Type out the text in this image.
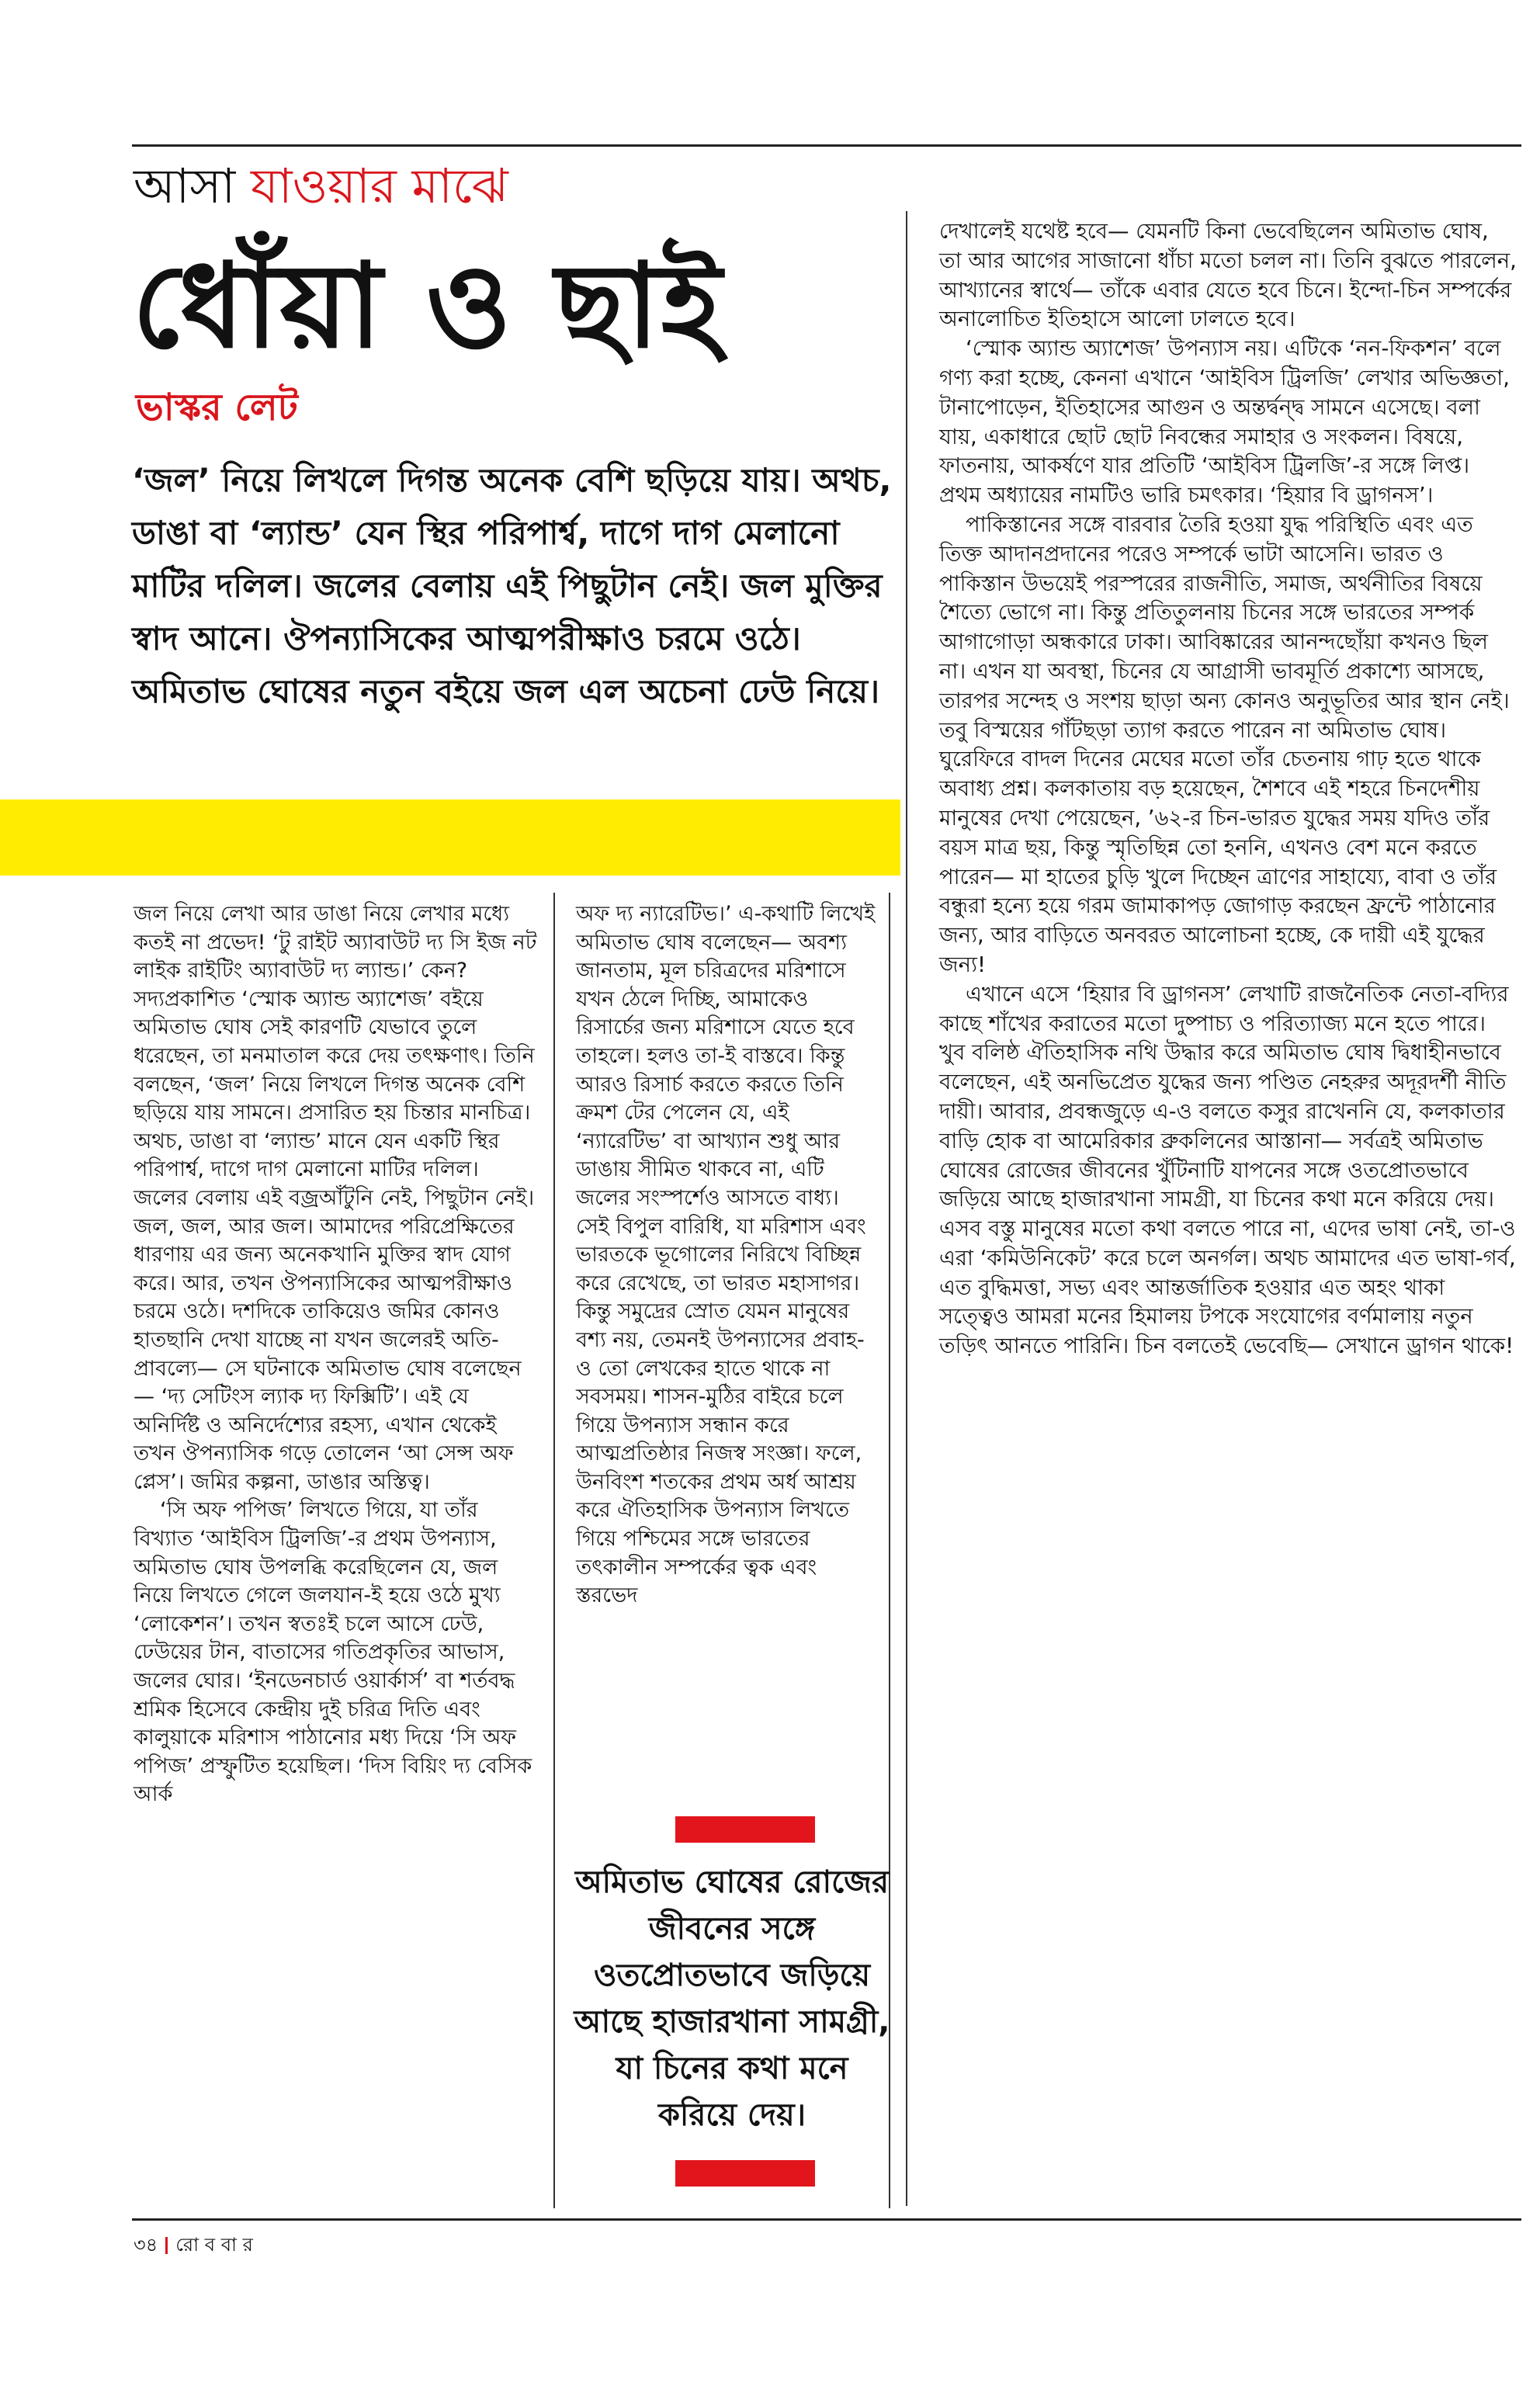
আসা যাওয়ার মাঝে
ধোঁয়া ও ছাই
ভাস্কর লেট

‘জল’ নিয়ে লিখলে দিগন্ত অনেক বেশি ছড়িয়ে যায়। অথচ, ডাঙা বা ‘ল্যান্ড’ যেন স্থির পরিপার্শ্ব, দাগে দাগ মেলানো মাটির দলিল। জলের বেলায় এই পিছুটান নেই। জল মুক্তির স্বাদ আনে। ঔপন্যাসিকের আত্মপরীক্ষাও চরমে ওঠে। অমিতাভ ঘোষের নতুন বইয়ে জল এল অচেনা ঢেউ নিয়ে।

জল নিয়ে লেখা আর ডাঙা নিয়ে লেখার মধ্যে কতই না প্রভেদ! ‘টু রাইট অ্যাবাউট দ্য সি ইজ নট লাইক রাইটিং অ্যাবাউট দ্য ল্যান্ড।’ কেন? সদ্যপ্রকাশিত ‘স্মোক অ্যান্ড অ্যাশেজ’ বইয়ে অমিতাভ ঘোষ সেই কারণটি যেভাবে তুলে ধরেছেন, তা মনমাতাল করে দেয় তৎক্ষণাৎ। তিনি বলছেন, ‘জল’ নিয়ে লিখলে দিগন্ত অনেক বেশি ছড়িয়ে যায় সামনে। প্রসারিত হয় চিন্তার মানচিত্র। অথচ, ডাঙা বা ‘ল্যান্ড’ মানে যেন একটি স্থির পরিপার্শ্ব, দাগে দাগ মেলানো মাটির দলিল। জলের বেলায় এই বজ্রআঁটুনি নেই, পিছুটান নেই। জল, জল, আর জল। আমাদের পরিপ্রেক্ষিতের ধারণায় এর জন্য অনেকখানি মুক্তির স্বাদ যোগ করে। আর, তখন ঔপন্যাসিকের আত্মপরীক্ষাও চরমে ওঠে। দশদিকে তাকিয়েও জমির কোনও হাতছানি দেখা যাচ্ছে না যখন জলেরই অতি-প্রাবল্যে— সে ঘটনাকে অমিতাভ ঘোষ বলেছেন— ‘দ্য সেটিংস ল্যাক দ্য ফিক্সিটি’। এই যে অনির্দিষ্ট ও অনির্দেশ্যের রহস্য, এখান থেকেই তখন ঔপন্যাসিক গড়ে তোলেন ‘আ সেন্স অফ প্লেস’। জমির কল্পনা, ডাঙার অস্তিত্ব।

‘সি অফ পপিজ’ লিখতে গিয়ে, যা তাঁর বিখ্যাত ‘আইবিস ট্রিলজি’-র প্রথম উপন্যাস, অমিতাভ ঘোষ উপলব্ধি করেছিলেন যে, জল নিয়ে লিখতে গেলে জলযান-ই হয়ে ওঠে মুখ্য ‘লোকেশন’। তখন স্বতঃই চলে আসে ঢেউ, ঢেউয়ের টান, বাতাসের গতিপ্রকৃতির আভাস, জলের ঘোর। ‘ইনডেনচার্ড ওয়ার্কার্স’ বা শর্তবদ্ধ শ্রমিক হিসেবে কেন্দ্রীয় দুই চরিত্র দিতি এবং কালুয়াকে মরিশাস পাঠানোর মধ্য দিয়ে ‘সি অফ পপিজ’ প্রস্ফুটিত হয়েছিল। ‘দিস বিয়িং দ্য বেসিক আর্ক

অফ দ্য ন্যারেটিভ।’ এ-কথাটি লিখেই অমিতাভ ঘোষ বলেছেন— অবশ্য জানতাম, মূল চরিত্রদের মরিশাসে যখন ঠেলে দিচ্ছি, আমাকেও রিসার্চের জন্য মরিশাসে যেতে হবে তাহলে। হলও তা-ই বাস্তবে। কিন্তু আরও রিসার্চ করতে করতে তিনি ক্রমশ টের পেলেন যে, এই ‘ন্যারেটিভ’ বা আখ্যান শুধু আর ডাঙায় সীমিত থাকবে না, এটি জলের সংস্পর্শেও আসতে বাধ্য। সেই বিপুল বারিধি, যা মরিশাস এবং ভারতকে ভূগোলের নিরিখে বিচ্ছিন্ন করে রেখেছে, তা ভারত মহাসাগর। কিন্তু সমুদ্রের স্রোত যেমন মানুষের বশ্য নয়, তেমনই উপন্যাসের প্রবাহ-ও তো লেখকের হাতে থাকে না সবসময়। শাসন-মুঠির বাইরে চলে গিয়ে উপন্যাস সন্ধান করে আত্মপ্রতিষ্ঠার নিজস্ব সংজ্ঞা। ফলে, উনবিংশ শতকের প্রথম অর্ধ আশ্রয় করে ঐতিহাসিক উপন্যাস লিখতে গিয়ে পশ্চিমের সঙ্গে ভারতের তৎকালীন সম্পর্কের ত্বক এবং স্তরভেদ

দেখালেই যথেষ্ট হবে— যেমনটি কিনা ভেবেছিলেন অমিতাভ ঘোষ, তা আর আগের সাজানো ধাঁচা মতো চলল না। তিনি বুঝতে পারলেন, আখ্যানের স্বার্থে— তাঁকে এবার যেতে হবে চিনে। ইন্দো-চিন সম্পর্কের অনালোচিত ইতিহাসে আলো ঢালতে হবে।

‘স্মোক অ্যান্ড অ্যাশেজ’ উপন্যাস নয়। এটিকে ‘নন-ফিকশন’ বলে গণ্য করা হচ্ছে, কেননা এখানে ‘আইবিস ট্রিলজি’ লেখার অভিজ্ঞতা, টানাপোড়েন, ইতিহাসের আগুন ও অন্তর্দ্বন্দ্ব সামনে এসেছে। বলা যায়, একাধারে ছোট ছোট নিবন্ধের সমাহার ও সংকলন। বিষয়ে, ফাতনায়, আকর্ষণে যার প্রতিটি ‘আইবিস ট্রিলজি’-র সঙ্গে লিপ্ত। প্রথম অধ্যায়ের নামটিও ভারি চমৎকার। ‘হিয়ার বি ড্রাগনস’।

পাকিস্তানের সঙ্গে বারবার তৈরি হওয়া যুদ্ধ পরিস্থিতি এবং এত তিক্ত আদানপ্রদানের পরেও সম্পর্কে ভাটা আসেনি। ভারত ও পাকিস্তান উভয়েই পরস্পরের রাজনীতি, সমাজ, অর্থনীতির বিষয়ে শৈত্যে ভোগে না। কিন্তু প্রতিতুলনায় চিনের সঙ্গে ভারতের সম্পর্ক আগাগোড়া অন্ধকারে ঢাকা। আবিষ্কারের আনন্দছোঁয়া কখনও ছিল না। এখন যা অবস্থা, চিনের যে আগ্রাসী ভাবমূর্তি প্রকাশ্যে আসছে, তারপর সন্দেহ ও সংশয় ছাড়া অন্য কোনও অনুভূতির আর স্থান নেই। তবু বিস্ময়ের গাঁটছড়া ত্যাগ করতে পারেন না অমিতাভ ঘোষ। ঘুরেফিরে বাদল দিনের মেঘের মতো তাঁর চেতনায় গাঢ় হতে থাকে অবাধ্য প্রশ্ন। কলকাতায় বড় হয়েছেন, শৈশবে এই শহরে চিনদেশীয় মানুষের দেখা পেয়েছেন, ’৬২-র চিন-ভারত যুদ্ধের সময় যদিও তাঁর বয়স মাত্র ছয়, কিন্তু স্মৃতিছিন্ন তো হননি, এখনও বেশ মনে করতে পারেন— মা হাতের চুড়ি খুলে দিচ্ছেন ত্রাণের সাহায্যে, বাবা ও তাঁর বন্ধুরা হন্যে হয়ে গরম জামাকাপড় জোগাড় করছেন ফ্রন্টে পাঠানোর জন্য, আর বাড়িতে অনবরত আলোচনা হচ্ছে, কে দায়ী এই যুদ্ধের জন্য!

এখানে এসে ‘হিয়ার বি ড্রাগনস’ লেখাটি রাজনৈতিক নেতা-বদ্যির কাছে শাঁখের করাতের মতো দুষ্পাচ্য ও পরিত্যাজ্য মনে হতে পারে। খুব বলিষ্ঠ ঐতিহাসিক নথি উদ্ধার করে অমিতাভ ঘোষ দ্বিধাহীনভাবে বলেছেন, এই অনভিপ্রেত যুদ্ধের জন্য পণ্ডিত নেহরুর অদূরদর্শী নীতি দায়ী। আবার, প্রবন্ধজুড়ে এ-ও বলতে কসুর রাখেননি যে, কলকাতার বাড়ি হোক বা আমেরিকার ব্রুকলিনের আস্তানা— সর্বত্রই অমিতাভ ঘোষের রোজের জীবনের খুঁটিনাটি যাপনের সঙ্গে ওতপ্রোতভাবে জড়িয়ে আছে হাজারখানা সামগ্রী, যা চিনের কথা মনে করিয়ে দেয়। এসব বস্তু মানুষের মতো কথা বলতে পারে না, এদের ভাষা নেই, তা-ও এরা ‘কমিউনিকেট’ করে চলে অনর্গল। অথচ আমাদের এত ভাষা-গর্ব, এত বুদ্ধিমত্তা, সভ্য এবং আন্তর্জাতিক হওয়ার এত অহং থাকা সত্ত্বেও আমরা মনের হিমালয় টপকে সংযোগের বর্ণমালায় নতুন তড়িৎ আনতে পারিনি। চিন বলতেই ভেবেছি— সেখানে ড্রাগন থাকে!

অমিতাভ ঘোষের রোজের জীবনের সঙ্গে ওতপ্রোতভাবে জড়িয়ে আছে হাজারখানা সামগ্রী, যা চিনের কথা মনে করিয়ে দেয়।

৩৪ রো ব বা র
